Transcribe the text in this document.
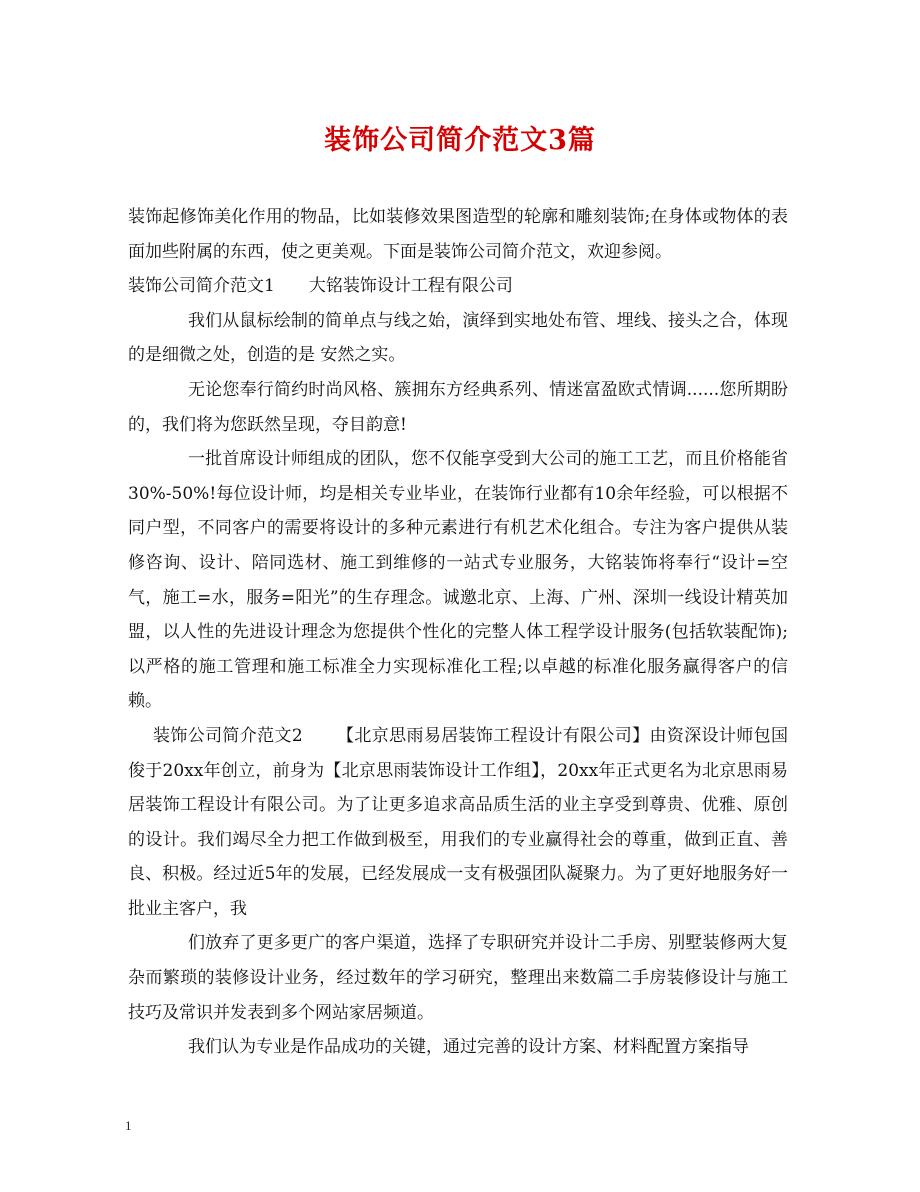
装饰公司简介范文3篇

装饰起修饰美化作用的物品，比如装修效果图造型的轮廓和雕刻装饰;在身体或物体的表面加些附属的东西，使之更美观。下面是装饰公司简介范文，欢迎参阅。

装饰公司简介范文1 大铭装饰设计工程有限公司

我们从鼠标绘制的简单点与线之始，演绎到实地处布管、埋线、接头之合，体现的是细微之处，创造的是 安然之实。

无论您奉行简约时尚风格、簇拥东方经典系列、情迷富盈欧式情调......您所期盼的，我们将为您跃然呈现，夺目韵意!

一批首席设计师组成的团队，您不仅能享受到大公司的施工工艺，而且价格能省30%-50%!每位设计师，均是相关专业毕业，在装饰行业都有10余年经验，可以根据不同户型，不同客户的需要将设计的多种元素进行有机艺术化组合。专注为客户提供从装修咨询、设计、陪同选材、施工到维修的一站式专业服务，大铭装饰将奉行“设计=空气，施工=水，服务=阳光”的生存理念。诚邀北京、上海、广州、深圳一线设计精英加盟，以人性的先进设计理念为您提供个性化的完整人体工程学设计服务(包括软装配饰);以严格的施工管理和施工标准全力实现标准化工程;以卓越的标准化服务赢得客户的信赖。

装饰公司简介范文2 【北京思雨易居装饰工程设计有限公司】由资深设计师包国俊于20xx年创立，前身为【北京思雨装饰设计工作组】，20xx年正式更名为北京思雨易居装饰工程设计有限公司。为了让更多追求高品质生活的业主享受到尊贵、优雅、原创的设计。我们竭尽全力把工作做到极至，用我们的专业赢得社会的尊重，做到正直、善良、积极。经过近5年的发展，已经发展成一支有极强团队凝聚力。为了更好地服务好一批业主客户，我

们放弃了更多更广的客户渠道，选择了专职研究并设计二手房、别墅装修两大复杂而繁琐的装修设计业务，经过数年的学习研究，整理出来数篇二手房装修设计与施工技巧及常识并发表到多个网站家居频道。

我们认为专业是作品成功的关键，通过完善的设计方案、材料配置方案指导

1
